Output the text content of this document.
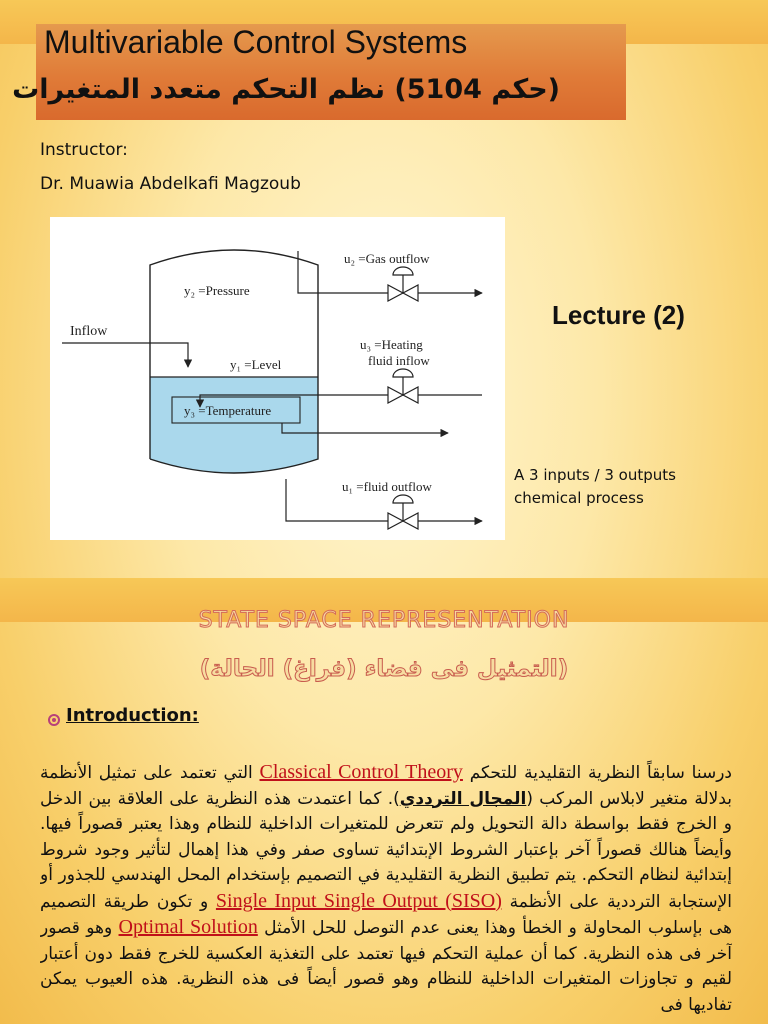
Multivariable Control Systems
(حكم 5104) نظم التحكم متعدد المتغيرات
Instructor:
Dr. Muawia Abdelkafi Magzoub
Inflow
u₂ =Gas outflow
y₂ =Pressure
y₁ =Level
y₃ =Temperature
u₃ =Heating
fluid inflow
u₁ =fluid outflow
Lecture (2)
A 3 inputs / 3 outputs chemical process
STATE SPACE REPRESENTATION
(التمثيل فى فضاء (فراغ) الحالة)
Introduction:
درسنا سابقاً النظرية التقليدية للتحكم Classical Control Theory التي تعتمد على تمثيل الأنظمة بدلالة متغير لابلاس المركب (المجال الترددي). كما اعتمدت هذه النظرية على العلاقة بين الدخل و الخرج فقط بواسطة دالة التحويل ولم تتعرض للمتغيرات الداخلية للنظام وهذا يعتبر قصوراً فيها. وأيضاً هنالك قصوراً آخر بإعتبار الشروط الإبتدائية تساوى صفر وفي هذا إهمال لتأثير وجود شروط إبتدائية لنظام التحكم. يتم تطبيق النظرية التقليدية في التصميم بإستخدام المحل الهندسي للجذور أو الإستجابة الترددية على الأنظمة Single Input Single Output (SISO) و تكون طريقة التصميم هى بإسلوب المحاولة و الخطأ وهذا يعنى عدم التوصل للحل الأمثل Optimal Solution وهو قصور آخر فى هذه النظرية. كما أن عملية التحكم فيها تعتمد على التغذية العكسية للخرج فقط دون أعتبار لقيم و تجاوزات المتغيرات الداخلية للنظام وهو قصور أيضاً فى هذه النظرية. هذه العيوب يمكن تفاديها فى
